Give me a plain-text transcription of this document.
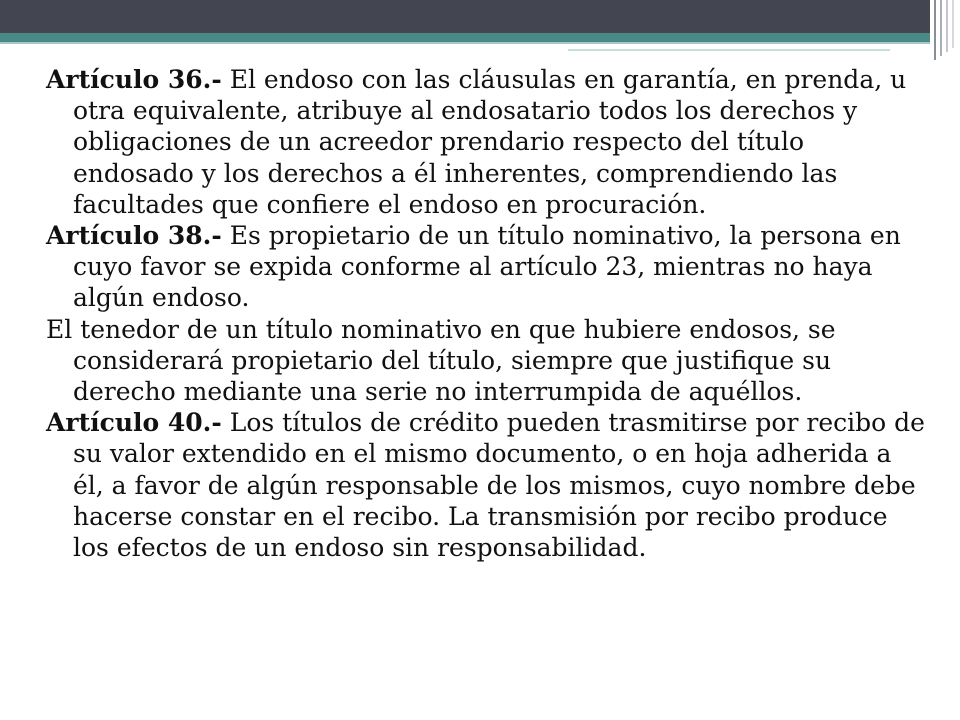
Artículo 36.- El endoso con las cláusulas en garantía, en prenda, u otra equivalente, atribuye al endosatario todos los derechos y obligaciones de un acreedor prendario respecto del título endosado y los derechos a él inherentes, comprendiendo las facultades que confiere el endoso en procuración.

Artículo 38.- Es propietario de un título nominativo, la persona en cuyo favor se expida conforme al artículo 23, mientras no haya algún endoso.

El tenedor de un título nominativo en que hubiere endosos, se considerará propietario del título, siempre que justifique su derecho mediante una serie no interrumpida de aquéllos.

Artículo 40.- Los títulos de crédito pueden trasmitirse por recibo de su valor extendido en el mismo documento, o en hoja adherida a él, a favor de algún responsable de los mismos, cuyo nombre debe hacerse constar en el recibo. La transmisión por recibo produce los efectos de un endoso sin responsabilidad.
